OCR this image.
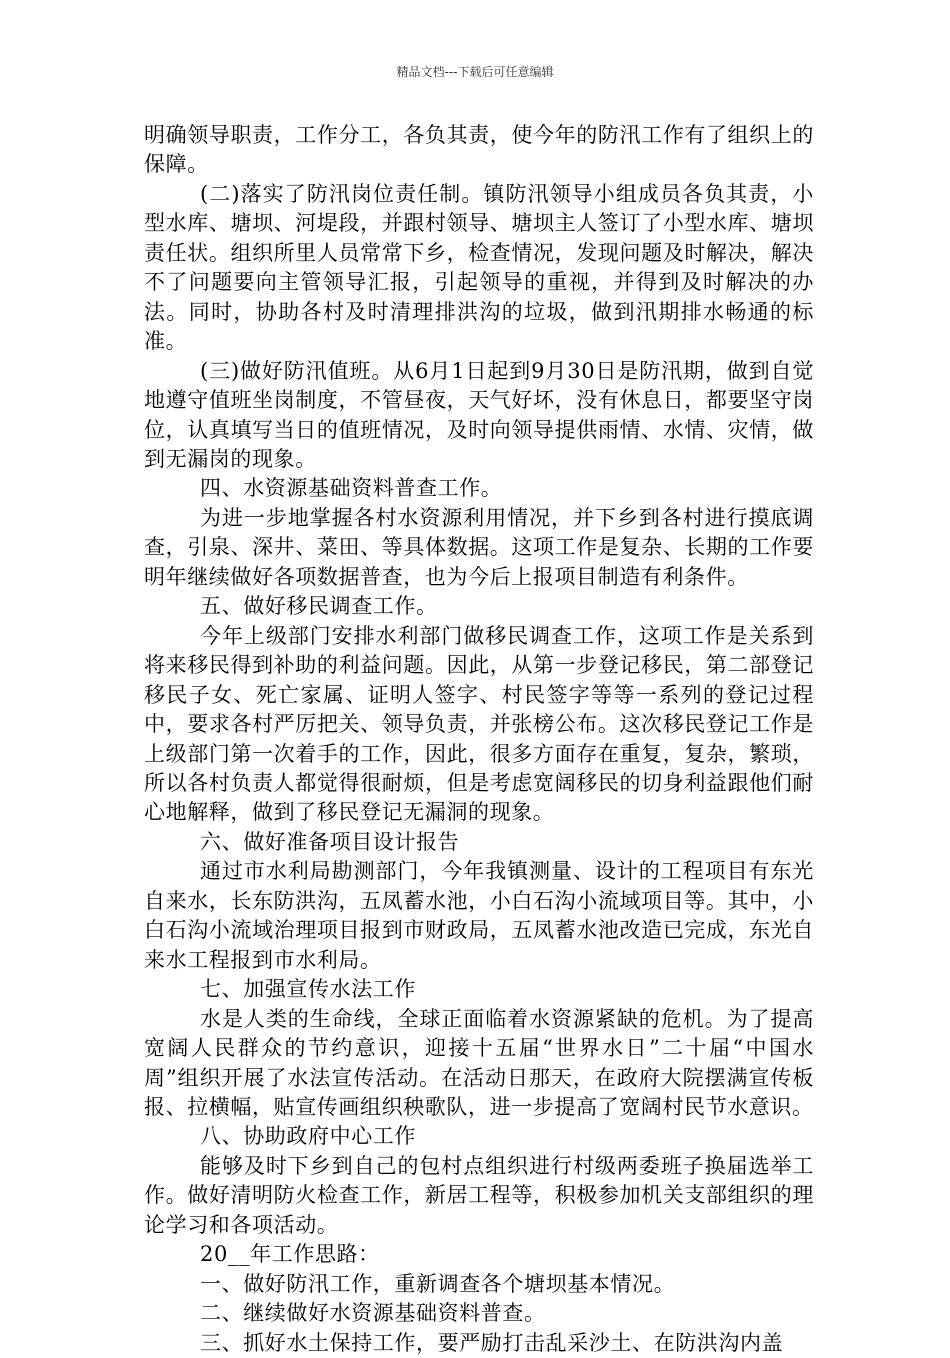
精品文档---下载后可任意编辑

明确领导职责，工作分工，各负其责，使今年的防汛工作有了组织上的保障。

(二)落实了防汛岗位责任制。镇防汛领导小组成员各负其责，小型水库、塘坝、河堤段，并跟村领导、塘坝主人签订了小型水库、塘坝责任状。组织所里人员常常下乡，检查情况，发现问题及时解决，解决不了问题要向主管领导汇报，引起领导的重视，并得到及时解决的办法。同时，协助各村及时清理排洪沟的垃圾，做到汛期排水畅通的标准。

(三)做好防汛值班。从6月1日起到9月30日是防汛期，做到自觉地遵守值班坐岗制度，不管昼夜，天气好坏，没有休息日，都要坚守岗位，认真填写当日的值班情况，及时向领导提供雨情、水情、灾情，做到无漏岗的现象。

四、水资源基础资料普查工作。

为进一步地掌握各村水资源利用情况，并下乡到各村进行摸底调查，引泉、深井、菜田、等具体数据。这项工作是复杂、长期的工作要明年继续做好各项数据普查，也为今后上报项目制造有利条件。

五、做好移民调查工作。

今年上级部门安排水利部门做移民调查工作，这项工作是关系到将来移民得到补助的利益问题。因此，从第一步登记移民，第二部登记移民子女、死亡家属、证明人签字、村民签字等等一系列的登记过程中，要求各村严厉把关、领导负责，并张榜公布。这次移民登记工作是上级部门第一次着手的工作，因此，很多方面存在重复，复杂，繁琐，所以各村负责人都觉得很耐烦，但是考虑宽阔移民的切身利益跟他们耐心地解释，做到了移民登记无漏洞的现象。

六、做好准备项目设计报告

通过市水利局勘测部门，今年我镇测量、设计的工程项目有东光自来水，长东防洪沟，五凤蓄水池，小白石沟小流域项目等。其中，小白石沟小流域治理项目报到市财政局，五凤蓄水池改造已完成，东光自来水工程报到市水利局。

七、加强宣传水法工作

水是人类的生命线，全球正面临着水资源紧缺的危机。为了提高宽阔人民群众的节约意识，迎接十五届“世界水日”二十届“中国水周”组织开展了水法宣传活动。在活动日那天，在政府大院摆满宣传板报、拉横幅，贴宣传画组织秧歌队，进一步提高了宽阔村民节水意识。

八、协助政府中心工作

能够及时下乡到自己的包村点组织进行村级两委班子换届选举工作。做好清明防火检查工作，新居工程等，积极参加机关支部组织的理论学习和各项活动。

20__年工作思路：

一、做好防汛工作，重新调查各个塘坝基本情况。

二、继续做好水资源基础资料普查。

三、抓好水土保持工作，要严励打击乱采沙土、在防洪沟内盖
